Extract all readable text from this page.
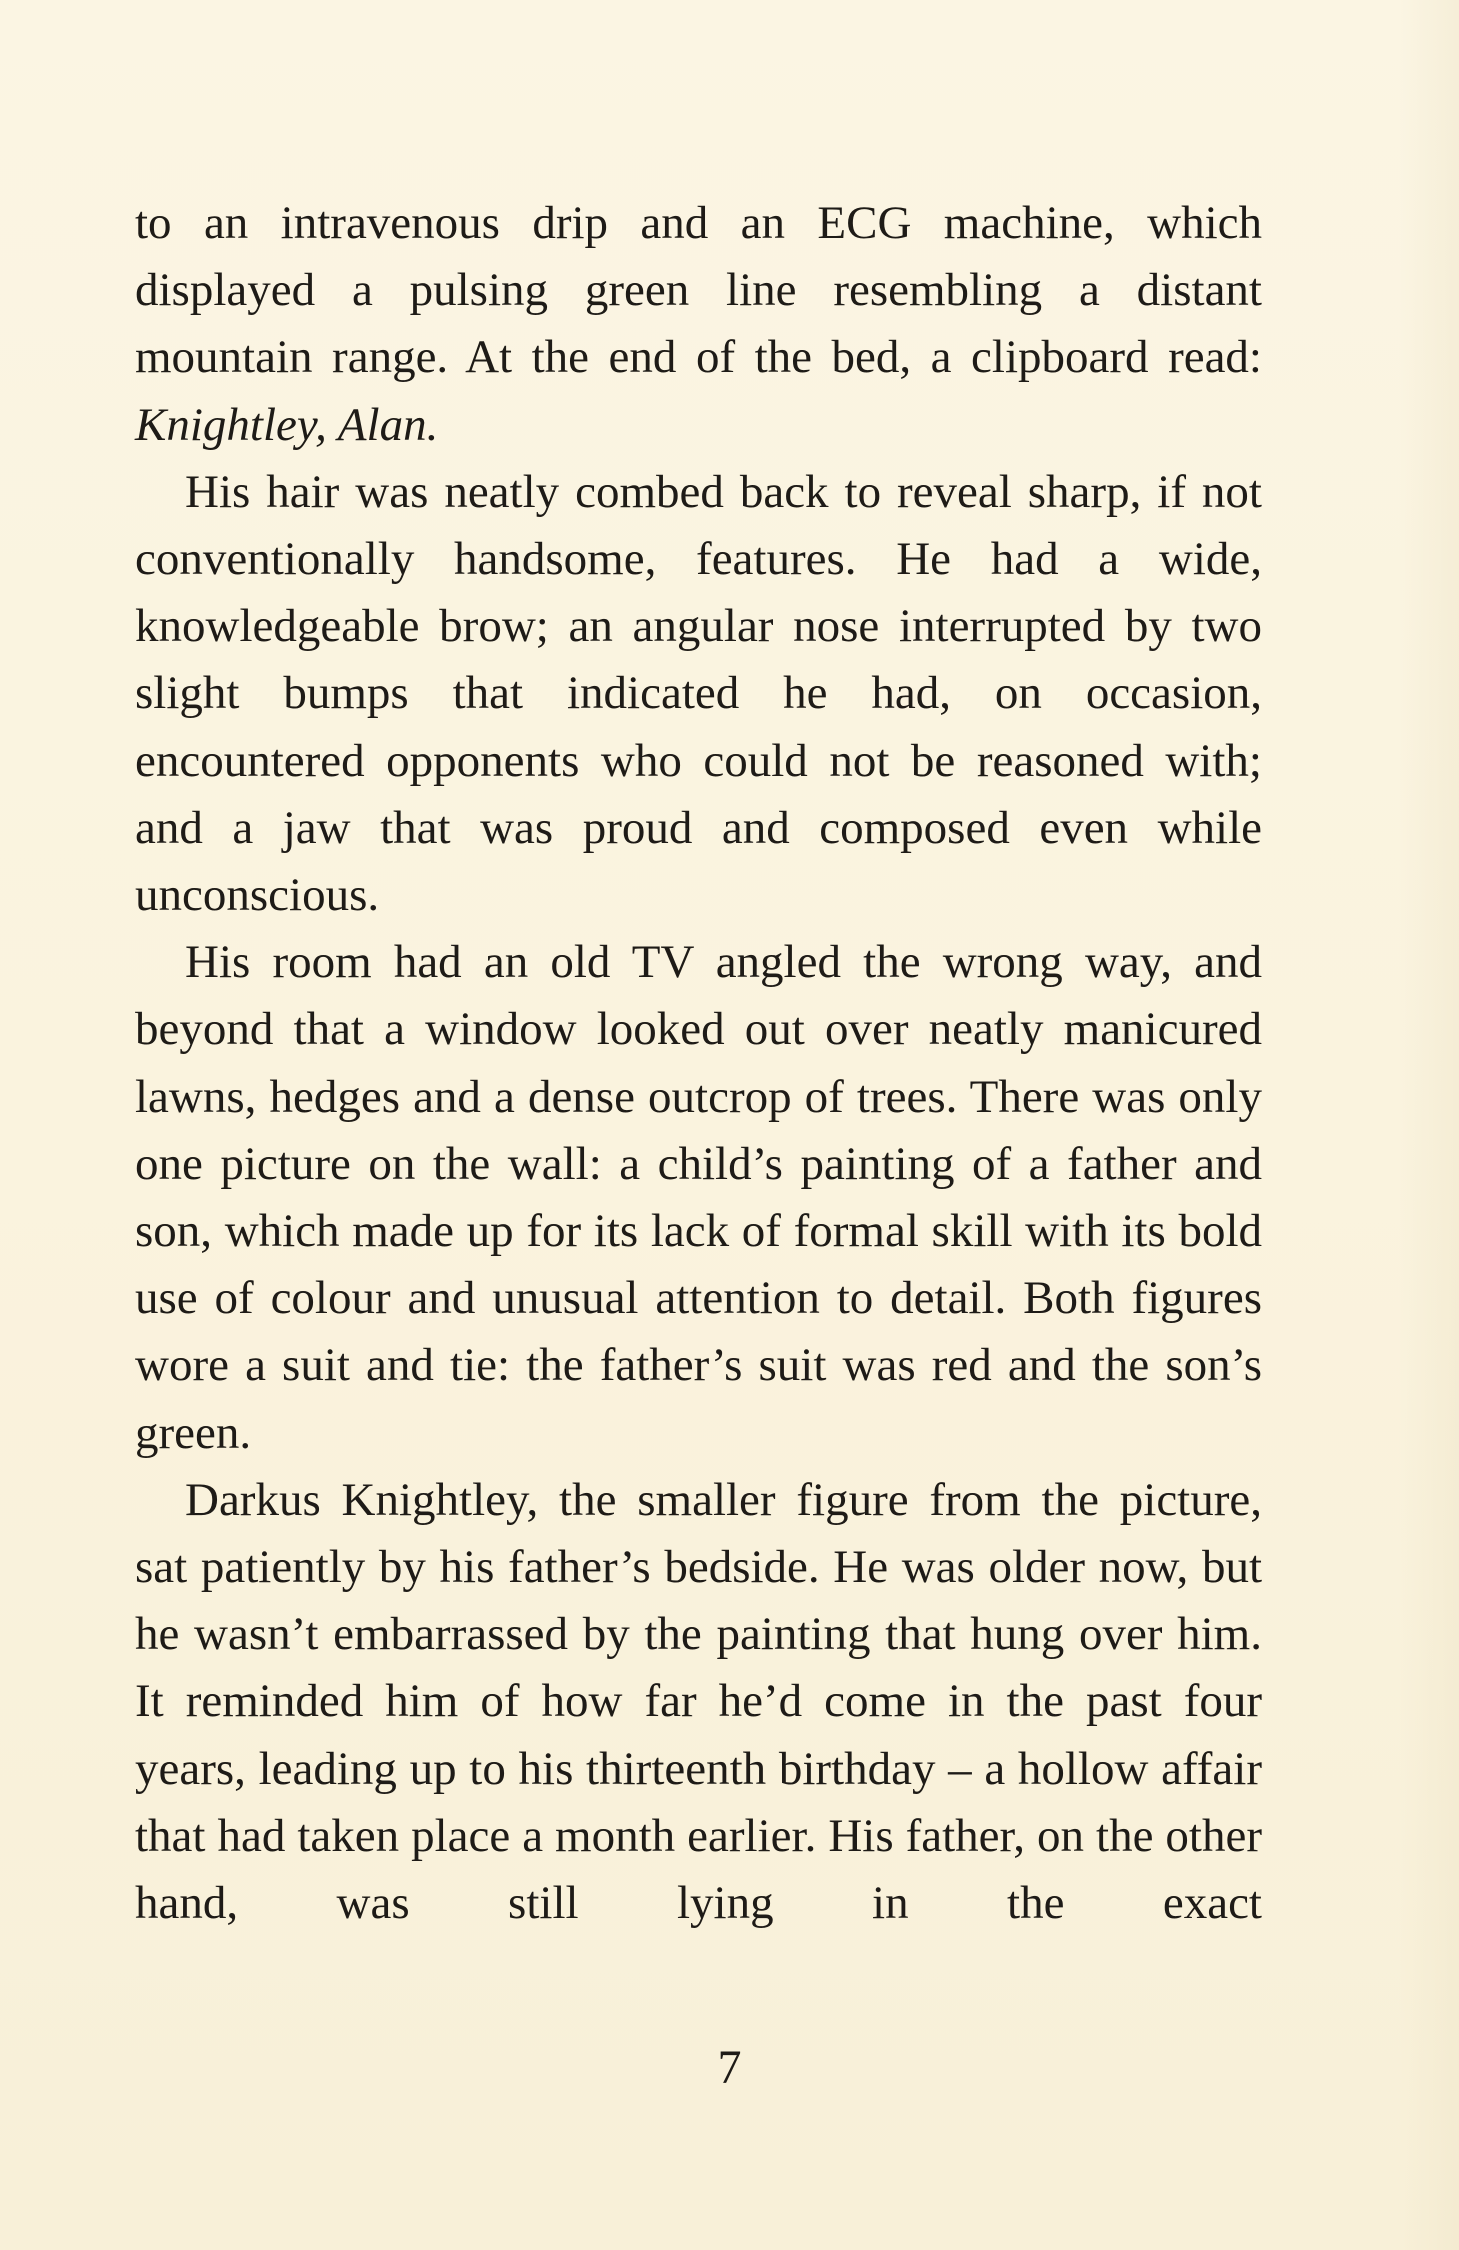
to an intravenous drip and an ECG machine, which displayed a pulsing green line resembling a distant mountain range. At the end of the bed, a clipboard read: Knightley, Alan.

His hair was neatly combed back to reveal sharp, if not conventionally handsome, features. He had a wide, knowledgeable brow; an angular nose interrupted by two slight bumps that indicated he had, on occasion, encountered opponents who could not be reasoned with; and a jaw that was proud and composed even while unconscious.

His room had an old TV angled the wrong way, and beyond that a window looked out over neatly manicured lawns, hedges and a dense outcrop of trees. There was only one picture on the wall: a child’s painting of a father and son, which made up for its lack of formal skill with its bold use of colour and unusual attention to detail. Both figures wore a suit and tie: the father’s suit was red and the son’s green.

Darkus Knightley, the smaller figure from the picture, sat patiently by his father’s bedside. He was older now, but he wasn’t embarrassed by the painting that hung over him. It reminded him of how far he’d come in the past four years, leading up to his thirteenth birthday – a hollow affair that had taken place a month earlier. His father, on the other hand, was still lying in the exact

7
